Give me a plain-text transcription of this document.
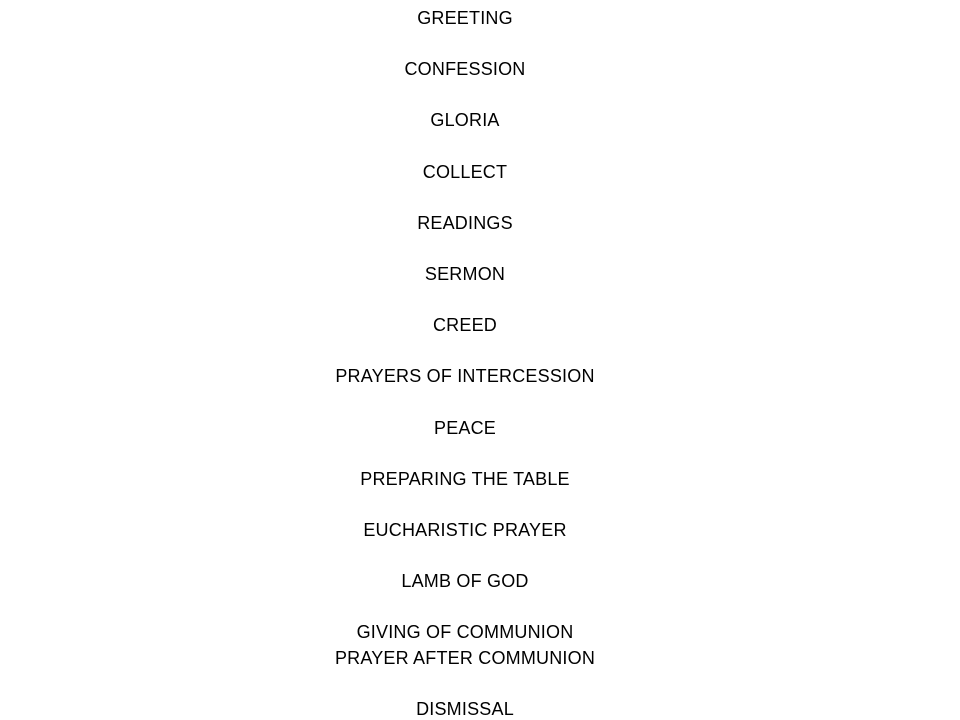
GREETING
CONFESSION
GLORIA
COLLECT
READINGS
SERMON
CREED
PRAYERS OF INTERCESSION
PEACE
PREPARING THE TABLE
EUCHARISTIC PRAYER
LAMB OF GOD
GIVING OF COMMUNION
PRAYER AFTER COMMUNION
DISMISSAL
